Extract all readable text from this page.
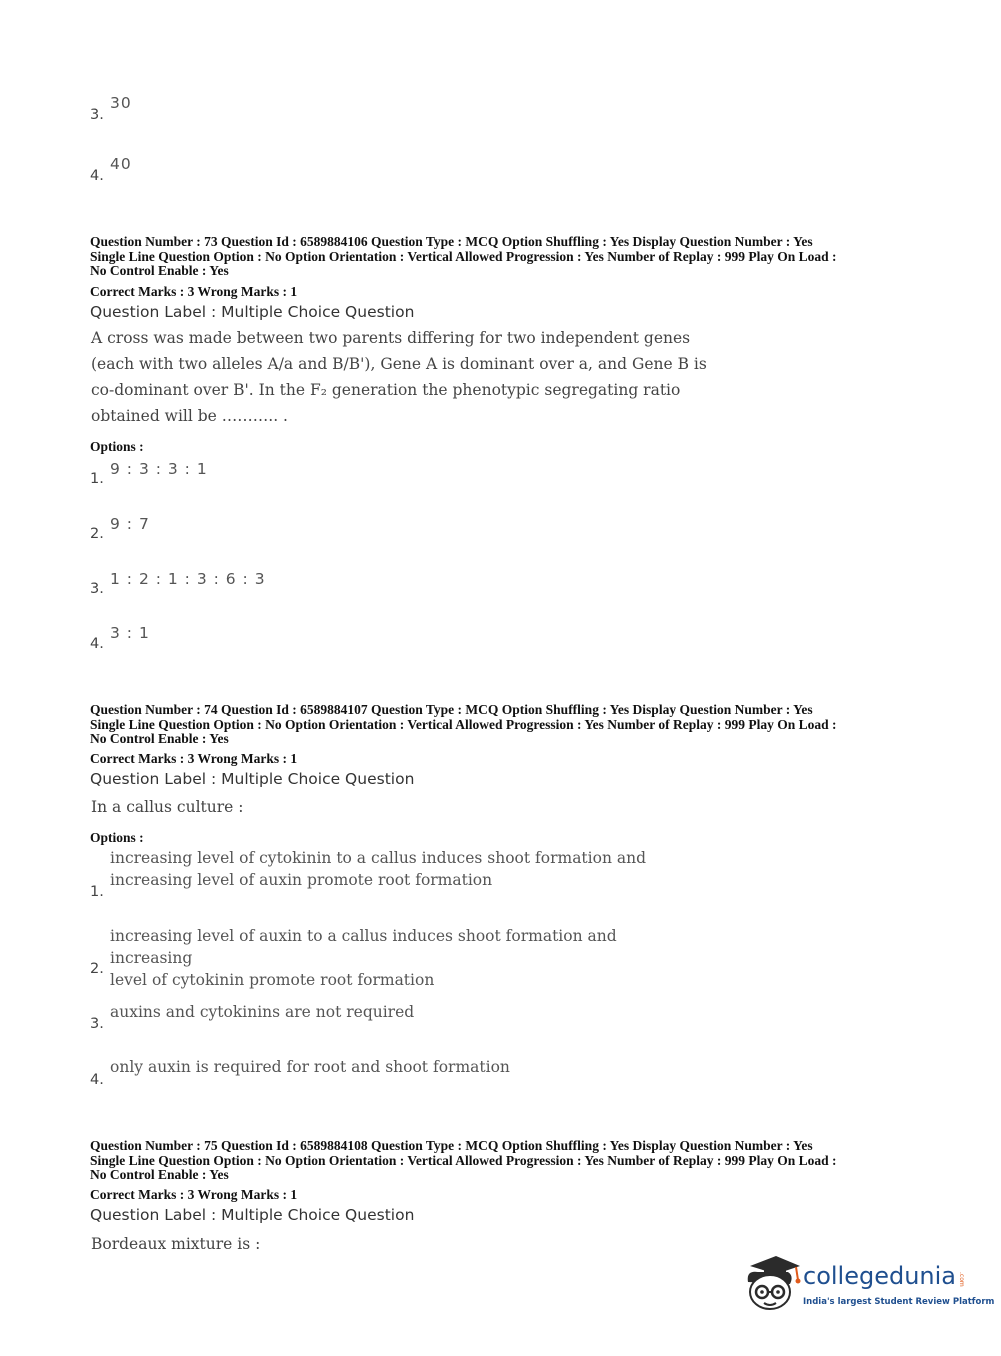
3.
30
4.
40
Question Number : 73 Question Id : 6589884106 Question Type : MCQ Option Shuffling : Yes Display Question Number : Yes
Single Line Question Option : No Option Orientation : Vertical Allowed Progression : Yes Number of Replay : 999 Play On Load :
No Control Enable : Yes
Correct Marks : 3 Wrong Marks : 1
Question Label : Multiple Choice Question
A cross was made between two parents differing for two independent genes
(each with two alleles A/a and B/B'), Gene A is dominant over a, and Gene B is
co-dominant over B'. In the F₂ generation the phenotypic segregating ratio
obtained will be ……….. .
Options :
1.
9 : 3 : 3 : 1
2.
9 : 7
3.
1 : 2 : 1 : 3 : 6 : 3
4.
3 : 1
Question Number : 74 Question Id : 6589884107 Question Type : MCQ Option Shuffling : Yes Display Question Number : Yes
Single Line Question Option : No Option Orientation : Vertical Allowed Progression : Yes Number of Replay : 999 Play On Load :
No Control Enable : Yes
Correct Marks : 3 Wrong Marks : 1
Question Label : Multiple Choice Question
In a callus culture :
Options :
1.
increasing level of cytokinin to a callus induces shoot formation and
increasing level of auxin promote root formation
2.
increasing level of auxin to a callus induces shoot formation and increasing
level of cytokinin promote root formation
3.
auxins and cytokinins are not required
4.
only auxin is required for root and shoot formation
Question Number : 75 Question Id : 6589884108 Question Type : MCQ Option Shuffling : Yes Display Question Number : Yes
Single Line Question Option : No Option Orientation : Vertical Allowed Progression : Yes Number of Replay : 999 Play On Load :
No Control Enable : Yes
Correct Marks : 3 Wrong Marks : 1
Question Label : Multiple Choice Question
Bordeaux mixture is :
collegedunia .com
India's largest Student Review Platform
